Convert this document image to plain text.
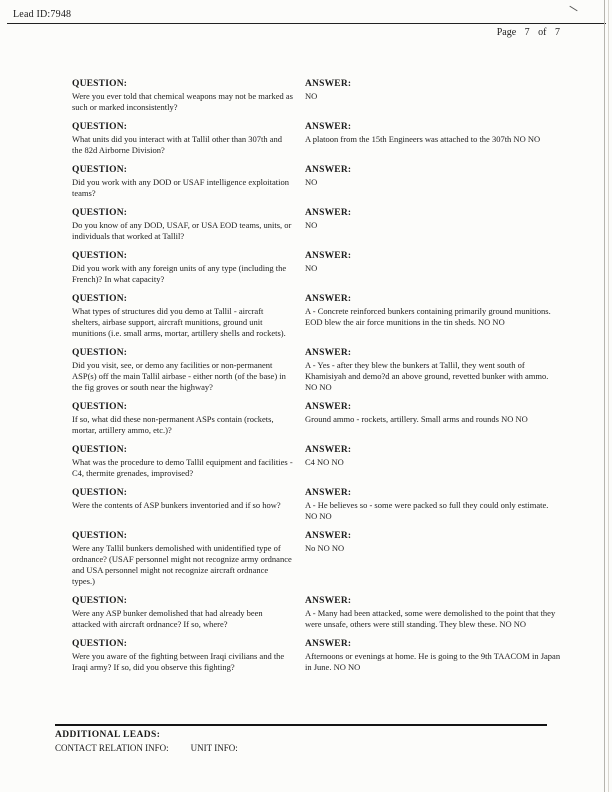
Lead ID:7948
Page 7 of 7
QUESTION:
Were you ever told that chemical weapons may not be marked as such or marked inconsistently?
ANSWER:
NO
QUESTION:
What units did you interact with at Tallil other than 307th and the 82d Airborne Division?
ANSWER:
A platoon from the 15th Engineers was attached to the 307th NO NO
QUESTION:
Did you work with any DOD or USAF intelligence exploitation teams?
ANSWER:
NO
QUESTION:
Do you know of any DOD, USAF, or USA EOD teams, units, or individuals that worked at Tallil?
ANSWER:
NO
QUESTION:
Did you work with any foreign units of any type (including the French)? In what capacity?
ANSWER:
NO
QUESTION:
What types of structures did you demo at Tallil - aircraft shelters, airbase support, aircraft munitions, ground unit munitions (i.e. small arms, mortar, artillery shells and rockets).
ANSWER:
A - Concrete reinforced bunkers containing primarily ground munitions. EOD blew the air force munitions in the tin sheds. NO NO
QUESTION:
Did you visit, see, or demo any facilities or non-permanent ASP(s) off the main Tallil airbase - either north (of the base) in the fig groves or south near the highway?
ANSWER:
A - Yes - after they blew the bunkers at Tallil, they went south of Khamisiyah and demo?d an above ground, revetted bunker with ammo. NO NO
QUESTION:
If so, what did these non-permanent ASPs contain (rockets, mortar, artillery ammo, etc.)?
ANSWER:
Ground ammo - rockets, artillery. Small arms and rounds NO NO
QUESTION:
What was the procedure to demo Tallil equipment and facilities - C4, thermite grenades, improvised?
ANSWER:
C4 NO NO
QUESTION:
Were the contents of ASP bunkers inventoried and if so how?
ANSWER:
A - He believes so - some were packed so full they could only estimate. NO NO
QUESTION:
Were any Tallil bunkers demolished with unidentified type of ordnance? (USAF personnel might not recognize army ordnance and USA personnel might not recognize aircraft ordnance types.)
ANSWER:
No NO NO
QUESTION:
Were any ASP bunker demolished that had already been attacked with aircraft ordnance? If so, where?
ANSWER:
A - Many had been attacked, some were demolished to the point that they were unsafe, others were still standing. They blew these. NO NO
QUESTION:
Were you aware of the fighting between Iraqi civilians and the Iraqi army? If so, did you observe this fighting?
ANSWER:
Afternoons or evenings at home. He is going to the 9th TAACOM in Japan in June. NO NO
ADDITIONAL LEADS:
CONTACT RELATION INFO: UNIT INFO:
